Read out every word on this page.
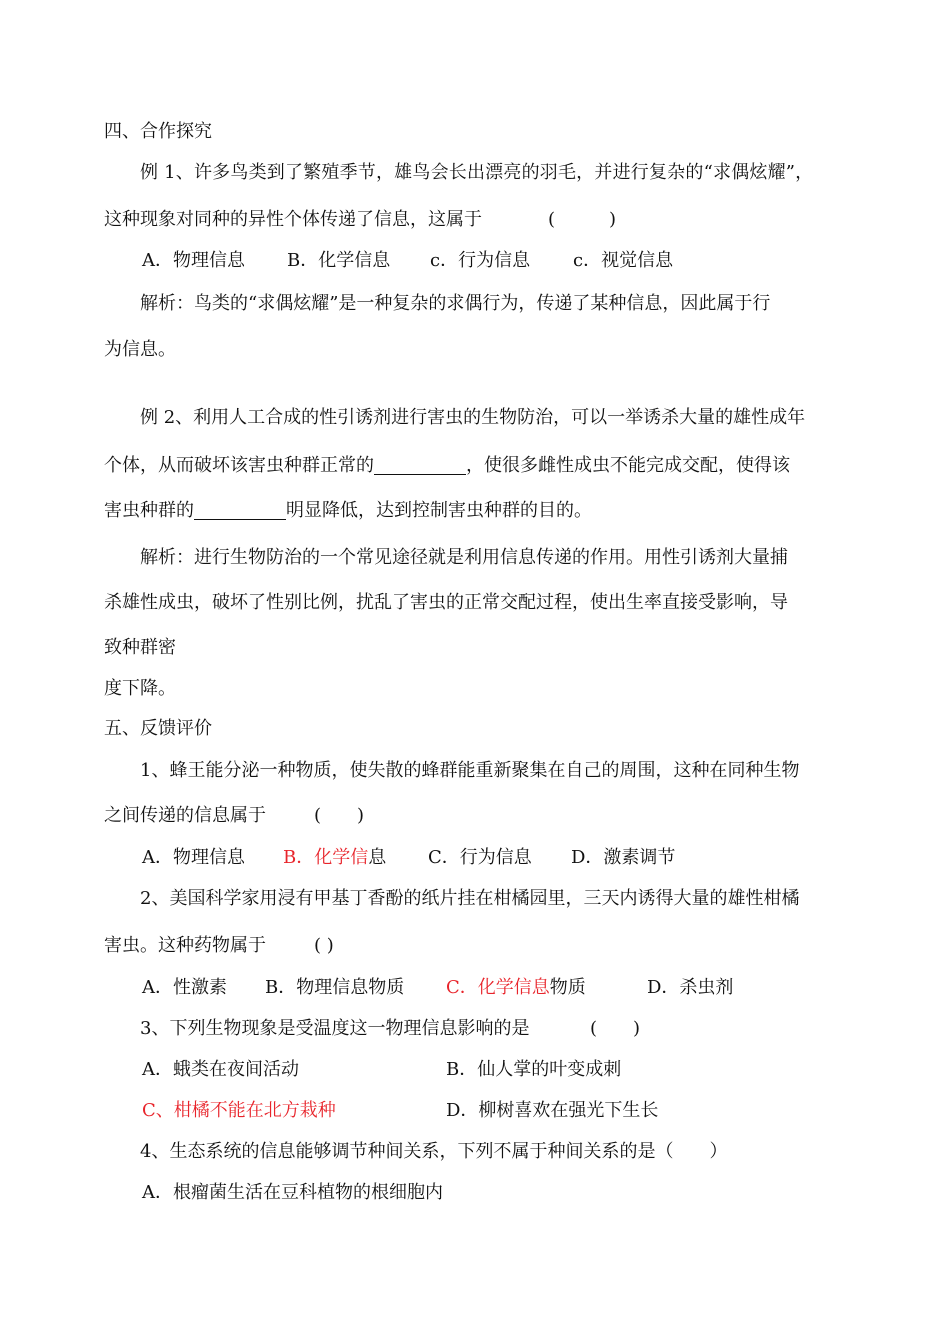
四、合作探究
例 1、许多鸟类到了繁殖季节，雄鸟会长出漂亮的羽毛，并进行复杂的“求偶炫耀”，
这种现象对同种的异性个体传递了信息，这属于	(　　　)
A．物理信息 B．化学信息 c．行为信息 c．视觉信息
解析：鸟类的“求偶炫耀”是一种复杂的求偶行为，传递了某种信息，因此属于行
为信息。
例 2、利用人工合成的性引诱剂进行害虫的生物防治，可以一举诱杀大量的雄性成年
个体，从而破坏该害虫种群正常的	，使很多雌性成虫不能完成交配，使得该
害虫种群的	明显降低，达到控制害虫种群的目的。
解析：进行生物防治的一个常见途径就是利用信息传递的作用。用性引诱剂大量捕
杀雄性成虫，破坏了性别比例，扰乱了害虫的正常交配过程，使出生率直接受影响，导
致种群密
度下降。
五、反馈评价
1、蜂王能分泌一种物质，使失散的蜂群能重新聚集在自己的周围，这种在同种生物
之间传递的信息属于	(　　)
A．物理信息 B．化学信息 C．行为信息 D．激素调节
2、美国科学家用浸有甲基丁香酚的纸片挂在柑橘园里，三天内诱得大量的雄性柑橘
害虫。这种药物属于	( )
A．性激素 B．物理信息物质 C．化学信息物质	D．杀虫剂
3、下列生物现象是受温度这一物理信息影响的是	(　　)
A．蛾类在夜间活动	B．仙人掌的叶变成刺
C、柑橘不能在北方栽种	D．柳树喜欢在强光下生长
4、生态系统的信息能够调节种间关系，下列不属于种间关系的是（　　）
A．根瘤菌生活在豆科植物的根细胞内
